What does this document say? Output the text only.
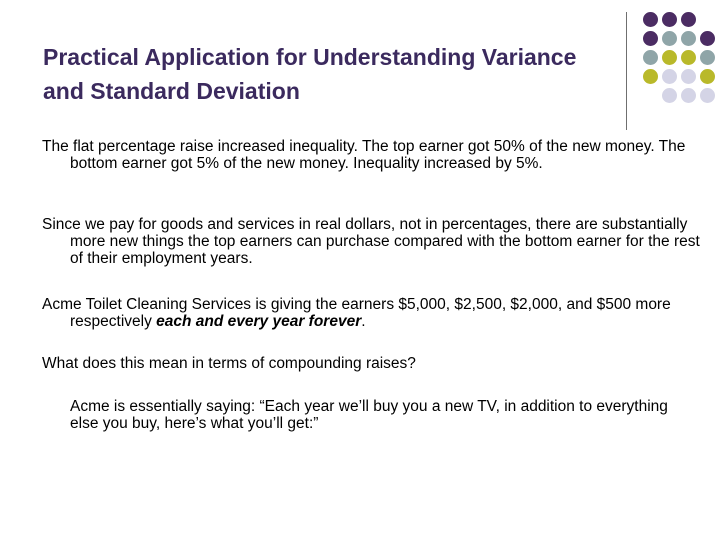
Practical Application for Understanding Variance and Standard Deviation

The flat percentage raise increased inequality. The top earner got 50% of the new money. The bottom earner got 5% of the new money. Inequality increased by 5%.

Since we pay for goods and services in real dollars, not in percentages, there are substantially more new things the top earners can purchase compared with the bottom earner for the rest of their employment years.

Acme Toilet Cleaning Services is giving the earners $5,000, $2,500, $2,000, and $500 more respectively each and every year forever.

What does this mean in terms of compounding raises?

Acme is essentially saying: “Each year we’ll buy you a new TV, in addition to everything else you buy, here’s what you’ll get:”
